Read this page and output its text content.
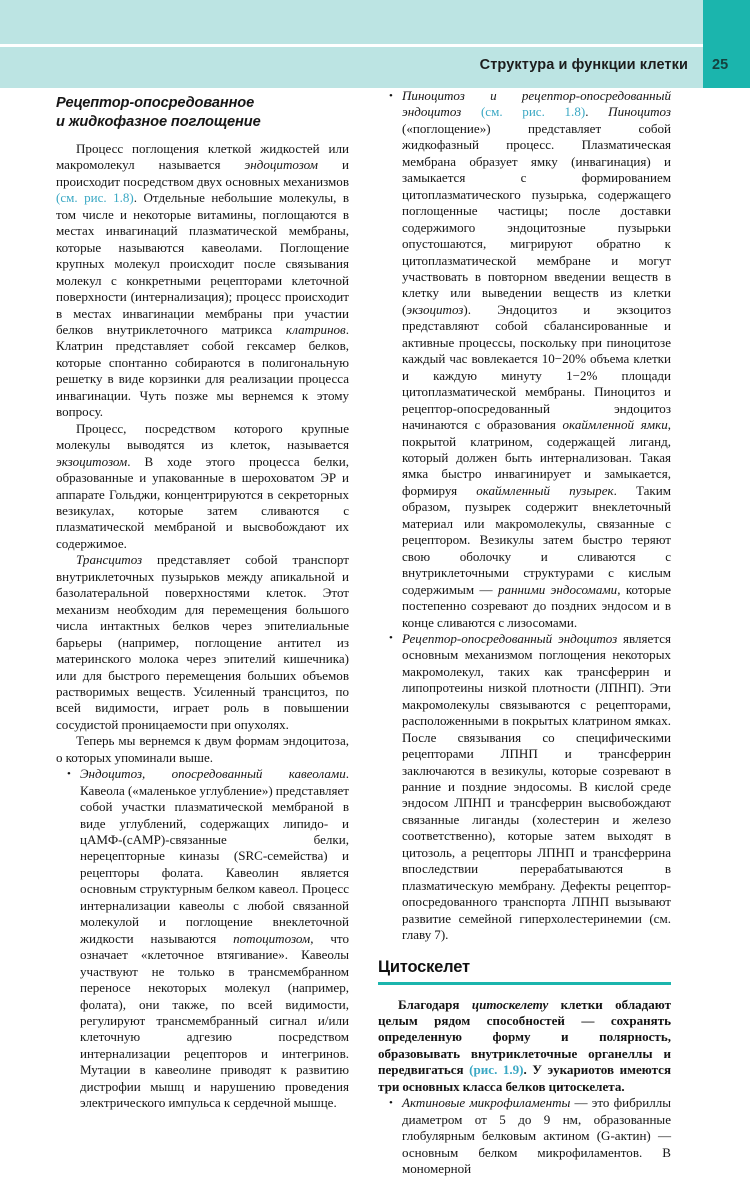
Структура и функции клетки 25
Рецептор-опосредованное
и жидкофазное поглощение

Процесс поглощения клеткой жидкостей или макромолекул называется эндоцитозом и происходит посредством двух основных механизмов (см. рис. 1.8). Отдельные небольшие молекулы, в том числе и некоторые витамины, поглощаются в местах инвагинаций плазматической мембраны, которые называются кавеолами. Поглощение крупных молекул происходит после связывания молекул с конкретными рецепторами клеточной поверхности (интернализация); процесс происходит в местах инвагинации мембраны при участии белков внутриклеточного матрикса клатринов. Клатрин представляет собой гексамер белков, которые спонтанно собираются в полигональную решетку в виде корзинки для реализации процесса инвагинации. Чуть позже мы вернемся к этому вопросу.

Процесс, посредством которого крупные молекулы выводятся из клеток, называется экзоцитозом. В ходе этого процесса белки, образованные и упакованные в шероховатом ЭР и аппарате Гольджи, концентрируются в секреторных везикулах, которые затем сливаются с плазматической мембраной и высвобождают их содержимое.

Трансцитоз представляет собой транспорт внутриклеточных пузырьков между апикальной и базолатеральной поверхностями клеток. Этот механизм необходим для перемещения большого числа интактных белков через эпителиальные барьеры (например, поглощение антител из материнского молока через эпителий кишечника) или для быстрого перемещения больших объемов растворимых веществ. Усиленный трансцитоз, по всей видимости, играет роль в повышении сосудистой проницаемости при опухолях.

Теперь мы вернемся к двум формам эндоцитоза, о которых упоминали выше.

• Эндоцитоз, опосредованный кавеолами. Кавеола («маленькое углубление») представляет собой участки плазматической мембраной в виде углублений, содержащих липидо- и цАМФ-(cAMP)-связанные белки, нерецепторные киназы (SRC-семейства) и рецепторы фолата. Кавеолин является основным структурным белком кавеол. Процесс интернализации кавеолы с любой связанной молекулой и поглощение внеклеточной жидкости называются потоцитозом, что означает «клеточное втягивание». Кавеолы участвуют не только в трансмембранном переносе некоторых молекул (например, фолата), они также, по всей видимости, регулируют трансмембранный сигнал и/или клеточную адгезию посредством интернализации рецепторов и интегринов. Мутации в кавеолине приводят к развитию дистрофии мышц и нарушению проведения электрического импульса к сердечной мышце.
• Пиноцитоз и рецептор-опосредованный эндоцитоз (см. рис. 1.8). Пиноцитоз («поглощение») представляет собой жидкофазный процесс. Плазматическая мембрана образует ямку (инвагинация) и замыкается с формированием цитоплазматического пузырька, содержащего поглощенные частицы; после доставки содержимого эндоцитозные пузырьки опустошаются, мигрируют обратно к цитоплазматической мембране и могут участвовать в повторном введении веществ в клетку или выведении веществ из клетки (экзоцитоз). Эндоцитоз и экзоцитоз представляют собой сбалансированные и активные процессы, поскольку при пиноцитозе каждый час вовлекается 10−20% объема клетки и каждую минуту 1−2% площади цитоплазматической мембраны. Пиноцитоз и рецептор-опосредованный эндоцитоз начинаются с образования окаймленной ямки, покрытой клатрином, содержащей лиганд, который должен быть интернализован. Такая ямка быстро инвагинирует и замыкается, формируя окаймленный пузырек. Таким образом, пузырек содержит внеклеточный материал или макромолекулы, связанные с рецептором. Везикулы затем быстро теряют свою оболочку и сливаются с внутриклеточными структурами с кислым содержимым — ранними эндосомами, которые постепенно созревают до поздних эндосом и в конце сливаются с лизосомами.
• Рецептор-опосредованный эндоцитоз является основным механизмом поглощения некоторых макромолекул, таких как трансферрин и липопротеины низкой плотности (ЛПНП). Эти макромолекулы связываются с рецепторами, расположенными в покрытых клатрином ямках. После связывания со специфическими рецепторами ЛПНП и трансферрин заключаются в везикулы, которые созревают в ранние и поздние эндосомы. В кислой среде эндосом ЛПНП и трансферрин высвобождают связанные лиганды (холестерин и железо соответственно), которые затем выходят в цитозоль, а рецепторы ЛПНП и трансферрина впоследствии перерабатываются в плазматическую мембрану. Дефекты рецептор-опосредованного транспорта ЛПНП вызывают развитие семейной гиперхолестеринемии (см. главу 7).
Цитоскелет

Благодаря цитоскелету клетки обладают целым рядом способностей — сохранять определенную форму и полярность, образовывать внутриклеточные органеллы и передвигаться (рис. 1.9). У эукариотов имеются три основных класса белков цитоскелета.

• Актиновые микрофиламенты — это фибриллы диаметром от 5 до 9 нм, образованные глобулярным белковым актином (G-актин) — основным белком микрофиламентов. В мономерной
